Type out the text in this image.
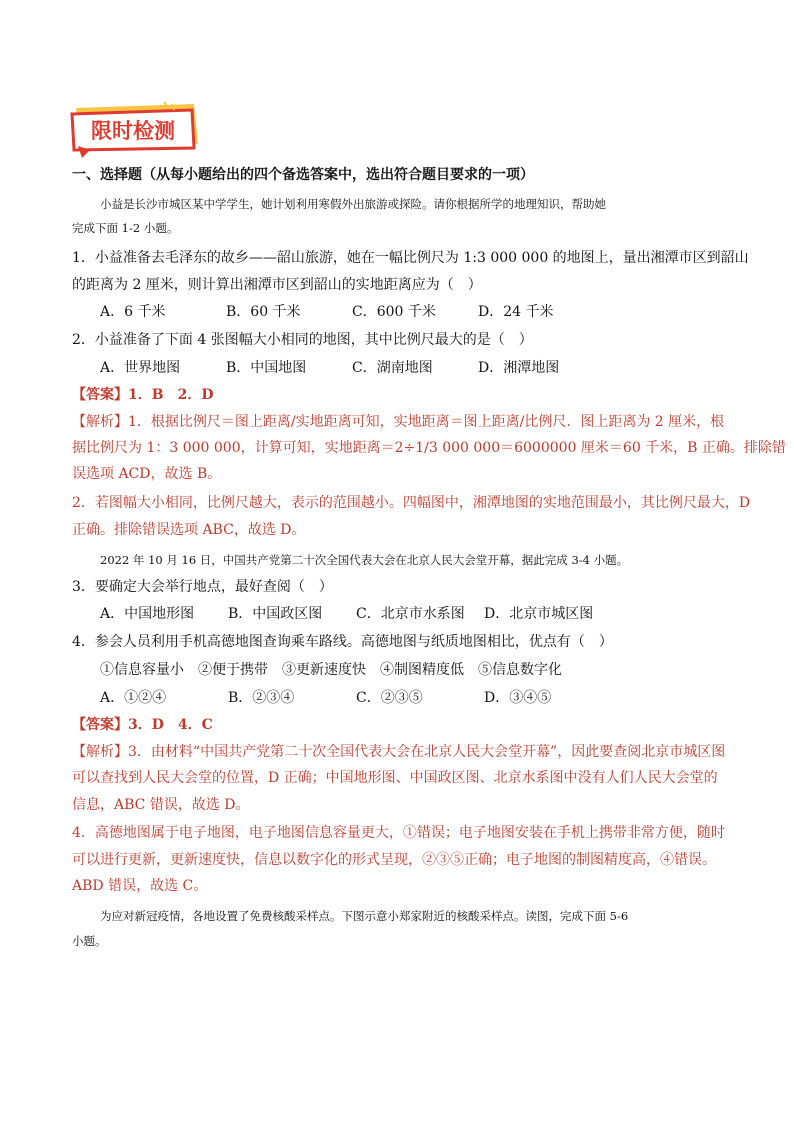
限时检测
一、选择题（从每小题给出的四个备选答案中，选出符合题目要求的一项）
小益是长沙市城区某中学学生，她计划利用寒假外出旅游或探险。请你根据所学的地理知识，帮助她
完成下面 1-2 小题。
1．小益准备去毛泽东的故乡——韶山旅游，她在一幅比例尺为 1:3 000 000 的地图上，量出湘潭市区到韶山
的距离为 2 厘米，则计算出湘潭市区到韶山的实地距离应为（　）
A．6 千米	B．60 千米	C．600 千米	D．24 千米
2．小益准备了下面 4 张图幅大小相同的地图，其中比例尺最大的是（　）
A．世界地图	B．中国地图	C．湖南地图	D．湘潭地图
【答案】1．B　2．D
【解析】1．根据比例尺＝图上距离/实地距离可知，实地距离＝图上距离/比例尺．图上距离为 2 厘米，根
据比例尺为 1：3 000 000，计算可知，实地距离＝2÷1/3 000 000＝6000000 厘米＝60 千米，B 正确。排除错
误选项 ACD，故选 B。
2．若图幅大小相同，比例尺越大，表示的范围越小。四幅图中，湘潭地图的实地范围最小，其比例尺最大，D
正确。排除错误选项 ABC，故选 D。
2022 年 10 月 16 日，中国共产党第二十次全国代表大会在北京人民大会堂开幕，据此完成 3-4 小题。
3．要确定大会举行地点，最好查阅（　）
A．中国地形图	B．中国政区图	C．北京市水系图	D．北京市城区图
4．参会人员利用手机高德地图查询乘车路线。高德地图与纸质地图相比，优点有（　）
①信息容量小　②便于携带　③更新速度快　④制图精度低　⑤信息数字化
A．①②④	B．②③④	C．②③⑤	D．③④⑤
【答案】3．D　4．C
【解析】3．由材料“中国共产党第二十次全国代表大会在北京人民大会堂开幕”，因此要查阅北京市城区图
可以查找到人民大会堂的位置，D 正确；中国地形图、中国政区图、北京水系图中没有人们人民大会堂的
信息，ABC 错误，故选 D。
4．高德地图属于电子地图，电子地图信息容量更大，①错误；电子地图安装在手机上携带非常方便，随时
可以进行更新，更新速度快，信息以数字化的形式呈现，②③⑤正确；电子地图的制图精度高，④错误。
ABD 错误，故选 C。
为应对新冠疫情，各地设置了免费核酸采样点。下图示意小郑家附近的核酸采样点。读图，完成下面 5-6
小题。
